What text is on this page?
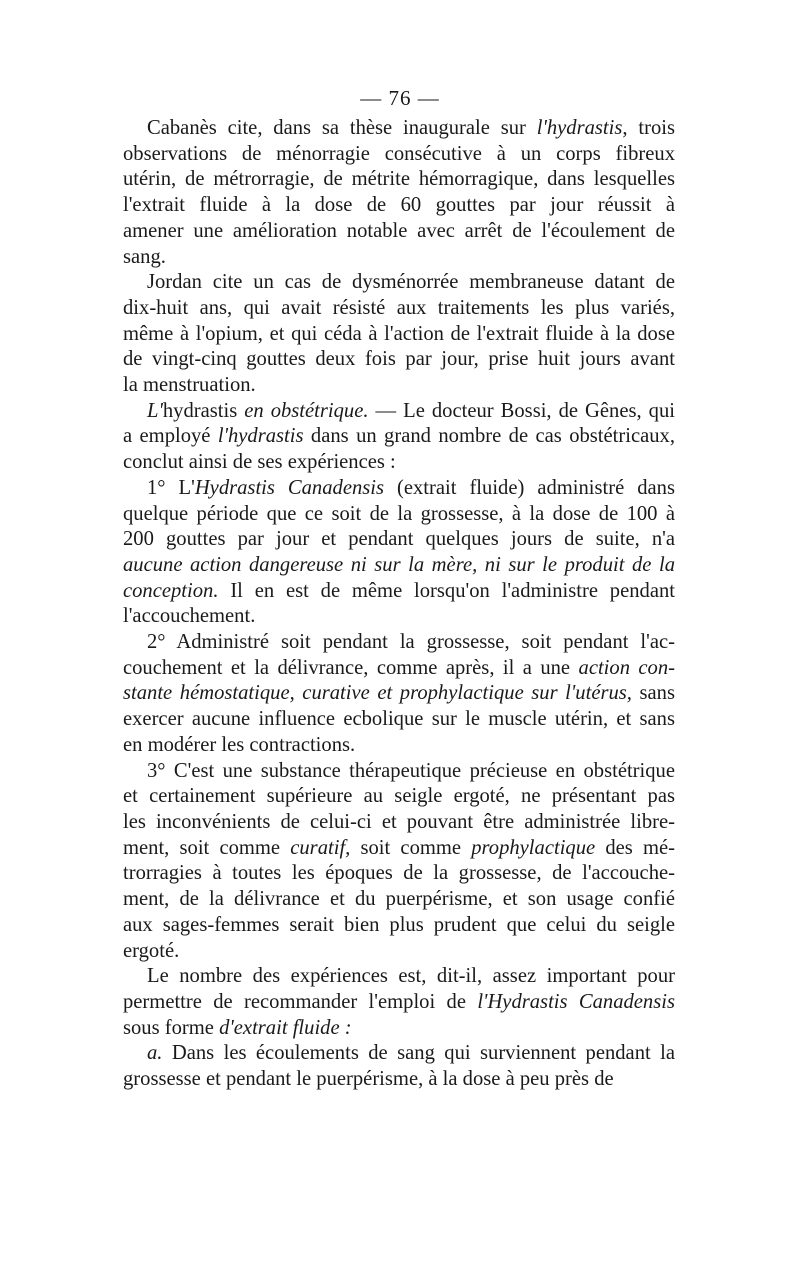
— 76 —
Cabanès cite, dans sa thèse inaugurale sur l'hydrastis, trois
observations de ménorragie consécutive à un corps fibreux
utérin, de métrorragie, de métrite hémorragique, dans lesquelles
l'extrait fluide à la dose de 60 gouttes par jour réussit à
amener une amélioration notable avec arrêt de l'écoulement de
sang.
Jordan cite un cas de dysménorrée membraneuse datant de
dix-huit ans, qui avait résisté aux traitements les plus variés,
même à l'opium, et qui céda à l'action de l'extrait fluide à la dose
de vingt-cinq gouttes deux fois par jour, prise huit jours avant
la menstruation.
L'hydrastis en obstétrique. — Le docteur Bossi, de Gênes, qui
a employé l'hydrastis dans un grand nombre de cas obstétricaux,
conclut ainsi de ses expériences :
1° L'Hydrastis Canadensis (extrait fluide) administré dans
quelque période que ce soit de la grossesse, à la dose de 100 à
200 gouttes par jour et pendant quelques jours de suite, n'a
aucune action dangereuse ni sur la mère, ni sur le produit de la
conception. Il en est de même lorsqu'on l'administre pendant
l'accouchement.
2° Administré soit pendant la grossesse, soit pendant l'ac-
couchement et la délivrance, comme après, il a une action con-
stante hémostatique, curative et prophylactique sur l'utérus, sans
exercer aucune influence ecbolique sur le muscle utérin, et sans
en modérer les contractions.
3° C'est une substance thérapeutique précieuse en obstétrique
et certainement supérieure au seigle ergoté, ne présentant pas
les inconvénients de celui-ci et pouvant être administrée libre-
ment, soit comme curatif, soit comme prophylactique des mé-
trorragies à toutes les époques de la grossesse, de l'accouche-
ment, de la délivrance et du puerpérisme, et son usage confié
aux sages-femmes serait bien plus prudent que celui du seigle
ergoté.
Le nombre des expériences est, dit-il, assez important pour
permettre de recommander l'emploi de l'Hydrastis Canadensis
sous forme d'extrait fluide :
a. Dans les écoulements de sang qui surviennent pendant la
grossesse et pendant le puerpérisme, à la dose à peu près de
